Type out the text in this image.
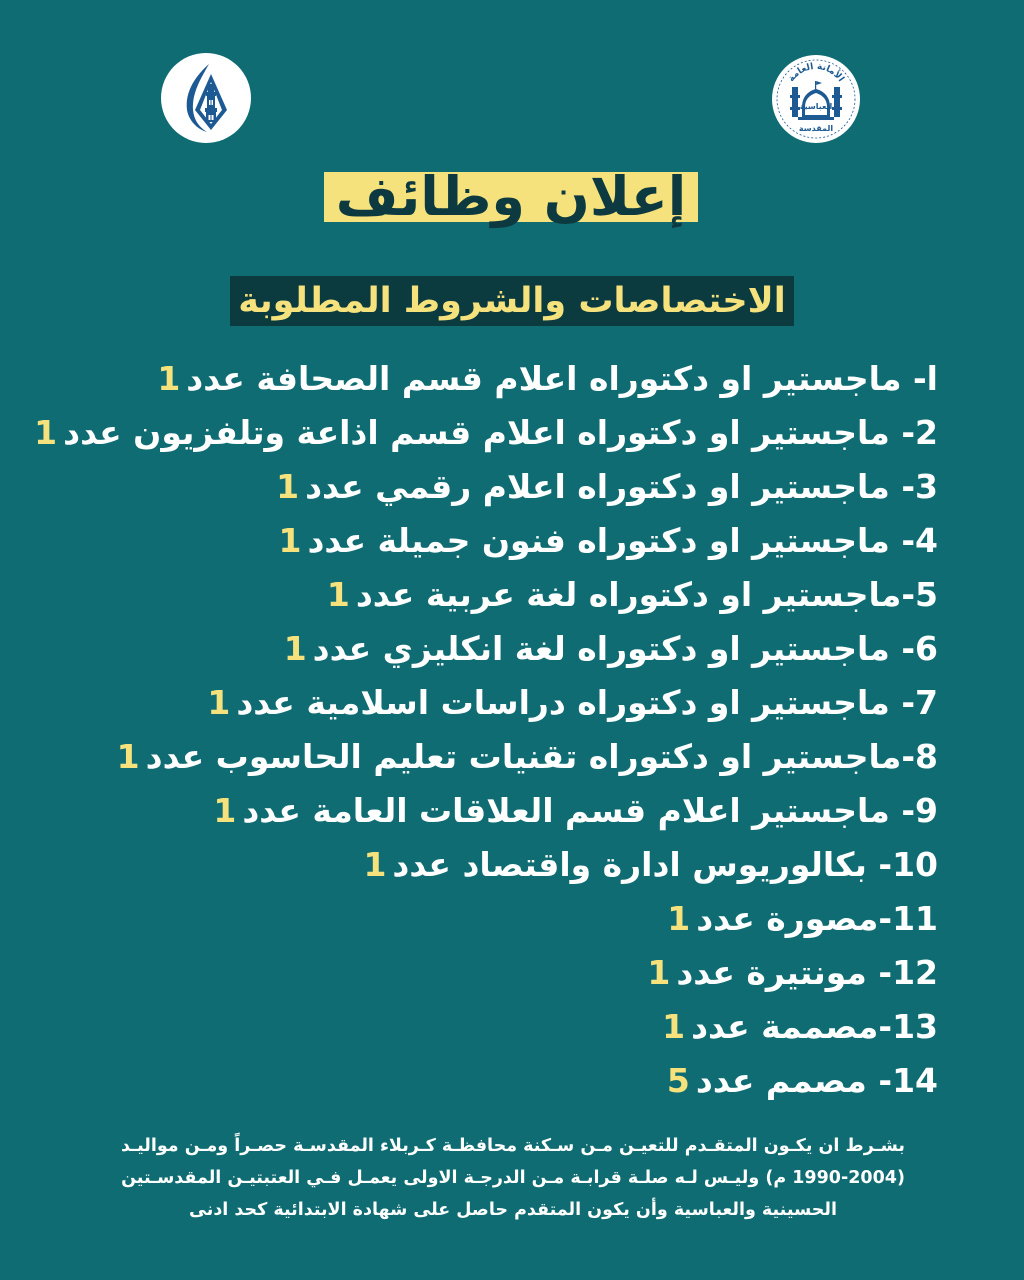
الأمانة العامة
العباسية
المقدسة
إعلان وظائف
الاختصاصات والشروط المطلوبة
ا- ماجستير او دكتوراه اعلام قسم الصحافة عدد1
2- ماجستير او دكتوراه اعلام قسم اذاعة وتلفزيون عدد1
3- ماجستير او دكتوراه اعلام رقمي عدد1
4- ماجستير او دكتوراه فنون جميلة عدد1
5-ماجستير او دكتوراه لغة عربية عدد1
6- ماجستير او دكتوراه لغة انكليزي عدد1
7- ماجستير او دكتوراه دراسات اسلامية عدد1
8-ماجستير او دكتوراه تقنيات تعليم الحاسوب عدد1
9- ماجستير اعلام قسم العلاقات العامة عدد1
10- بكالوريوس ادارة واقتصاد عدد1
11-مصورة عدد1
12- مونتيرة عدد1
13-مصممة عدد1
14- مصمم عدد5

بشـرط ان يكـون المتقـدم للتعيـن مـن سـكنة محافظـة كـربلاء المقدسـة حصـراً ومـن مواليـد

(1990-2004 م) وليـس لـه صلـة قرابـة مـن الدرجـة الاولى يعمـل فـي العتبتيـن المقدسـتين

الحسينية والعباسية وأن يكون المتقدم حاصل على شهادة الابتدائية كحد ادنى
